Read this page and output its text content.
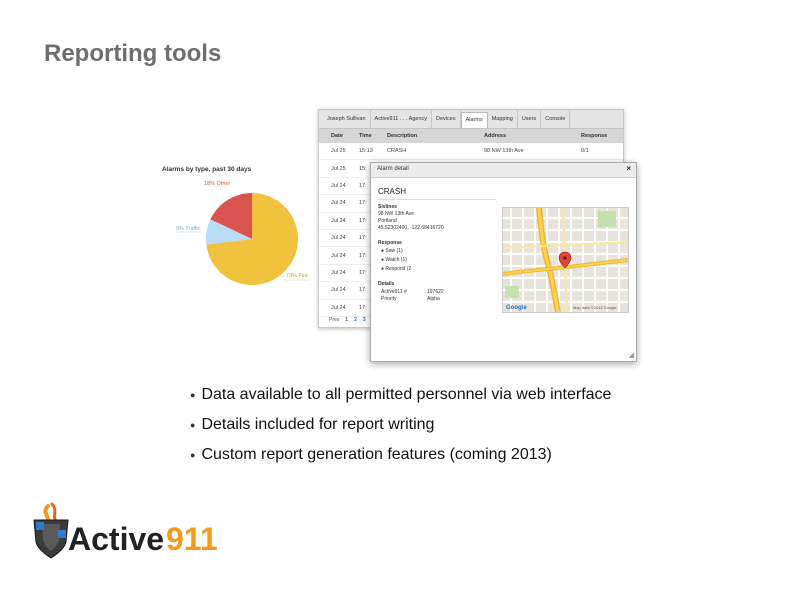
Reporting tools
Alarms by type, past 30 days
18% Other
9% Traffic
73% Fire
Joseph Sullivan	Active911 . . . Agency	Devices	Alarms	Mapping	Users	Console
Date	Time	Description	Address	Response
Jul 25	15:13	CRASH	98 NW 13th Ave	0/1
Jul 25	15:
Jul 24	17:
Jul 24	17:
Jul 24	17:
Jul 24	17:
Jul 24	17:
Jul 24	17:
Jul 24	17:
Jul 24	17:
Prev 1 2 3
Alarm detail	×
CRASH
Sivlines
98 NW 13th Ave
Portland
45.52302400, -122.68416720
Response
● Saw (1)
● Watch (1)
● Respond (2
Details
Active911 #	197622
Priority	Alpha
Google	Map data ©2012 Google
◢
● Data available to all permitted personnel via web interface
● Details included for report writing
● Custom report generation features (coming 2013)
Active 911
